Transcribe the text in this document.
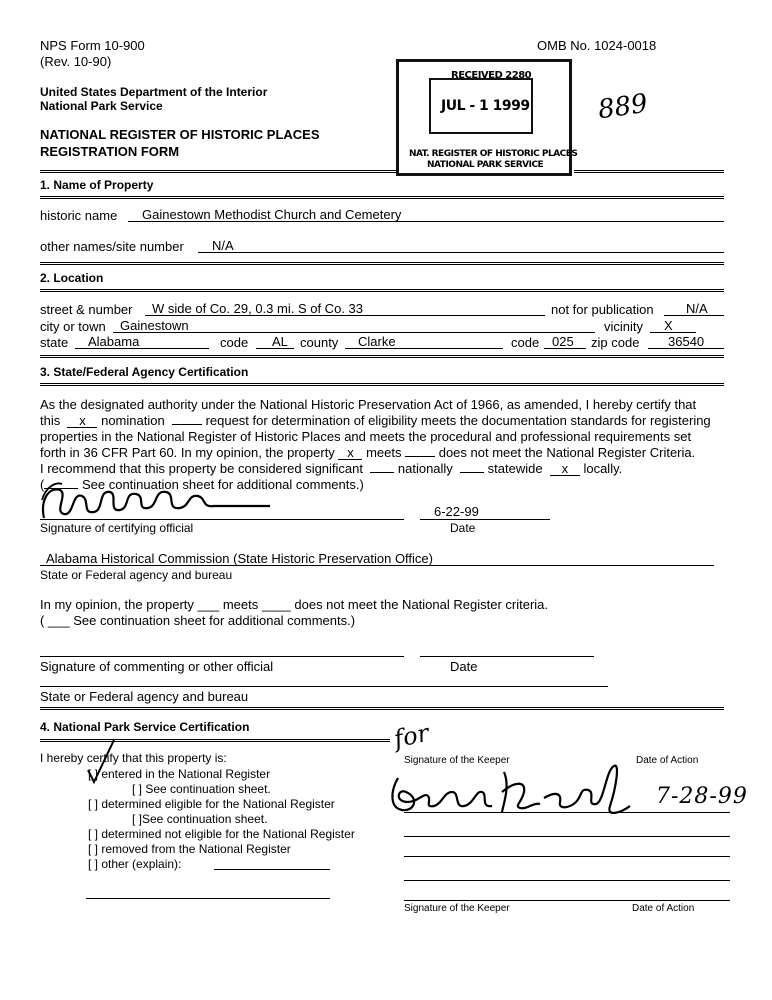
NPS Form 10-900
(Rev. 10-90)
OMB No. 1024-0018
United States Department of the Interior
National Park Service
NATIONAL REGISTER OF HISTORIC PLACES
REGISTRATION FORM
RECEIVED 2280
JUL - 1 1999
NAT. REGISTER OF HISTORIC PLACES
NATIONAL PARK SERVICE
889
1. Name of Property
historic name Gainestown Methodist Church and Cemetery
other names/site number N/A
2. Location
street & number W side of Co. 29, 0.3 mi. S of Co. 33	not for publication N/A
city or town Gainestown	vicinity X
state Alabama	code AL county Clarke	code 025 zip code 36540
3. State/Federal Agency Certification
As the designated authority under the National Historic Preservation Act of 1966, as amended, I hereby certify that
this x nomination	request for determination of eligibility meets the documentation standards for registering
properties in the National Register of Historic Places and meets the procedural and professional requirements set
forth in 36 CFR Part 60. In my opinion, the property x meets	does not meet the National Register Criteria.
I recommend that this property be considered significant	nationally	statewide x locally.
(	See continuation sheet for additional comments.)
Signature of certifying official
6-22-99
Date
Alabama Historical Commission (State Historic Preservation Office)
State or Federal agency and bureau
In my opinion, the property ___ meets ____ does not meet the National Register criteria.
( ___ See continuation sheet for additional comments.)
Signature of commenting or other official	Date
State or Federal agency and bureau
4. National Park Service Certification
I hereby certify that this property is:
[ ] entered in the National Register
[ ] See continuation sheet.
[ ] determined eligible for the National Register
[ ]See continuation sheet.
[ ] determined not eligible for the National Register
[ ] removed from the National Register
[ ] other (explain):
Signature of the Keeper	Date of Action
for
7-28-99
Signature of the Keeper	Date of Action
